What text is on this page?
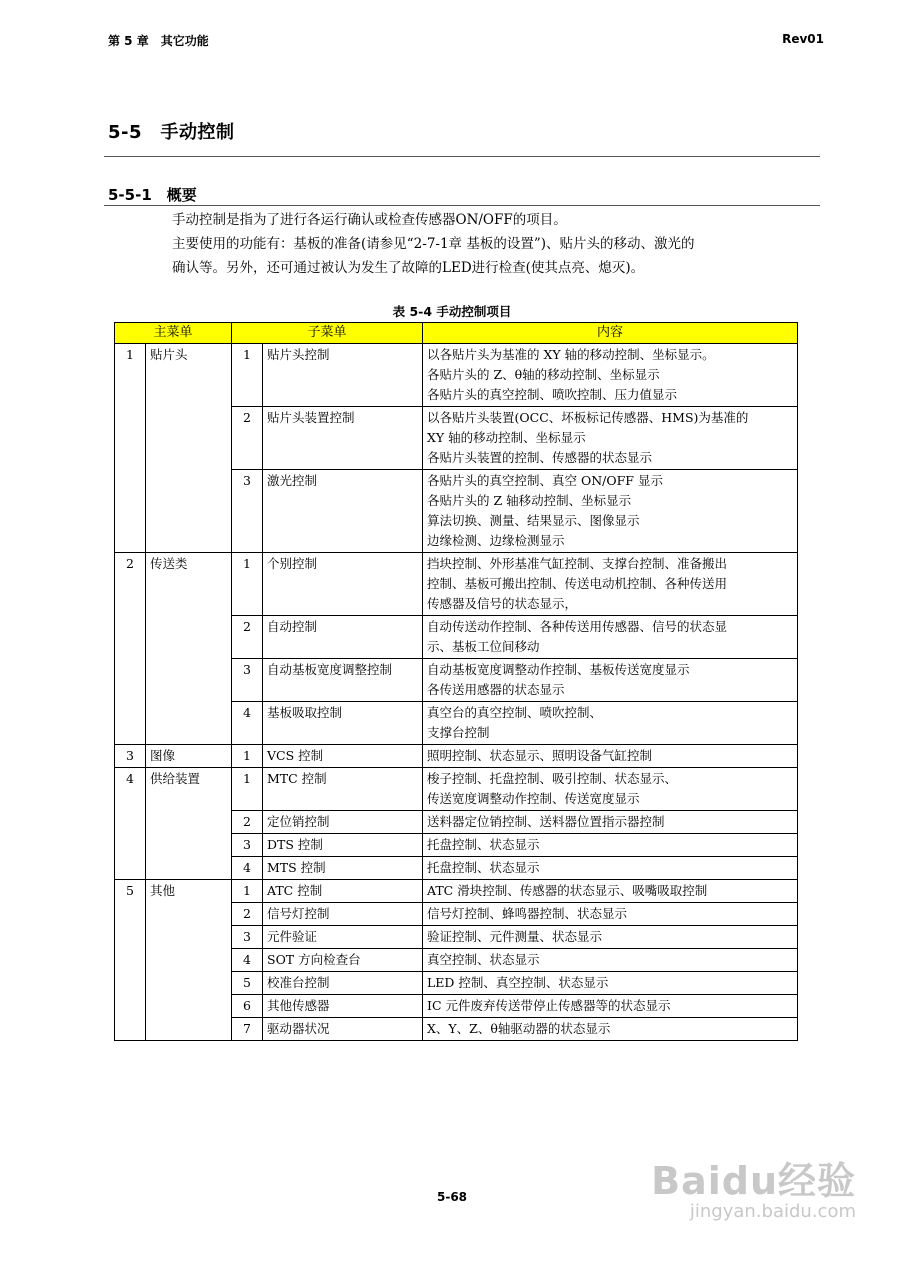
第 5 章　其它功能	Rev01
5-5　手动控制
5-5-1　概要
手动控制是指为了进行各运行确认或检查传感器ON/OFF的项目。
主要使用的功能有：基板的准备(请参见“2-7-1章 基板的设置”)、贴片头的移动、激光的
确认等。另外，还可通过被认为发生了故障的LED进行检查(使其点亮、熄灭)。
表 5-4 手动控制项目
主菜单		子菜单		内容
1	贴片头	1	贴片头控制	以各贴片头为基准的 XY 轴的移动控制、坐标显示。
各贴片头的 Z、θ轴的移动控制、坐标显示
各贴片头的真空控制、喷吹控制、压力值显示

		2	贴片头装置控制	以各贴片头装置(OCC、坏板标记传感器、HMS)为基准的
XY 轴的移动控制、坐标显示
各贴片头装置的控制、传感器的状态显示

		3	激光控制	各贴片头的真空控制、真空 ON/OFF 显示
各贴片头的 Z 轴移动控制、坐标显示
算法切换、测量、结果显示、图像显示
边缘检测、边缘检测显示

2	传送类	1	个别控制	挡块控制、外形基准气缸控制、支撑台控制、准备搬出
控制、基板可搬出控制、传送电动机控制、各种传送用
传感器及信号的状态显示，

		2	自动控制	自动传送动作控制、各种传送用传感器、信号的状态显
示、基板工位间移动

		3	自动基板宽度调整控制	自动基板宽度调整动作控制、基板传送宽度显示
各传送用感器的状态显示

		4	基板吸取控制	真空台的真空控制、喷吹控制、
支撑台控制

3	图像	1	VCS 控制	照明控制、状态显示、照明设备气缸控制

4	供给装置	1	MTC 控制	梭子控制、托盘控制、吸引控制、状态显示、
传送宽度调整动作控制、传送宽度显示

		2	定位销控制	送料器定位销控制、送料器位置指示器控制

		3	DTS 控制	托盘控制、状态显示

		4	MTS 控制	托盘控制、状态显示

5	其他	1	ATC 控制	ATC 滑块控制、传感器的状态显示、吸嘴吸取控制

		2	信号灯控制	信号灯控制、蜂鸣器控制、状态显示

		3	元件验证	验证控制、元件测量、状态显示

		4	SOT 方向检查台	真空控制、状态显示

		5	校准台控制	LED 控制、真空控制、状态显示

		6	其他传感器	IC 元件废弃传送带停止传感器等的状态显示

		7	驱动器状况	X、Y、Z、θ轴驱动器的状态显示
5-68	Baidu经验
jingyan.baidu.com
